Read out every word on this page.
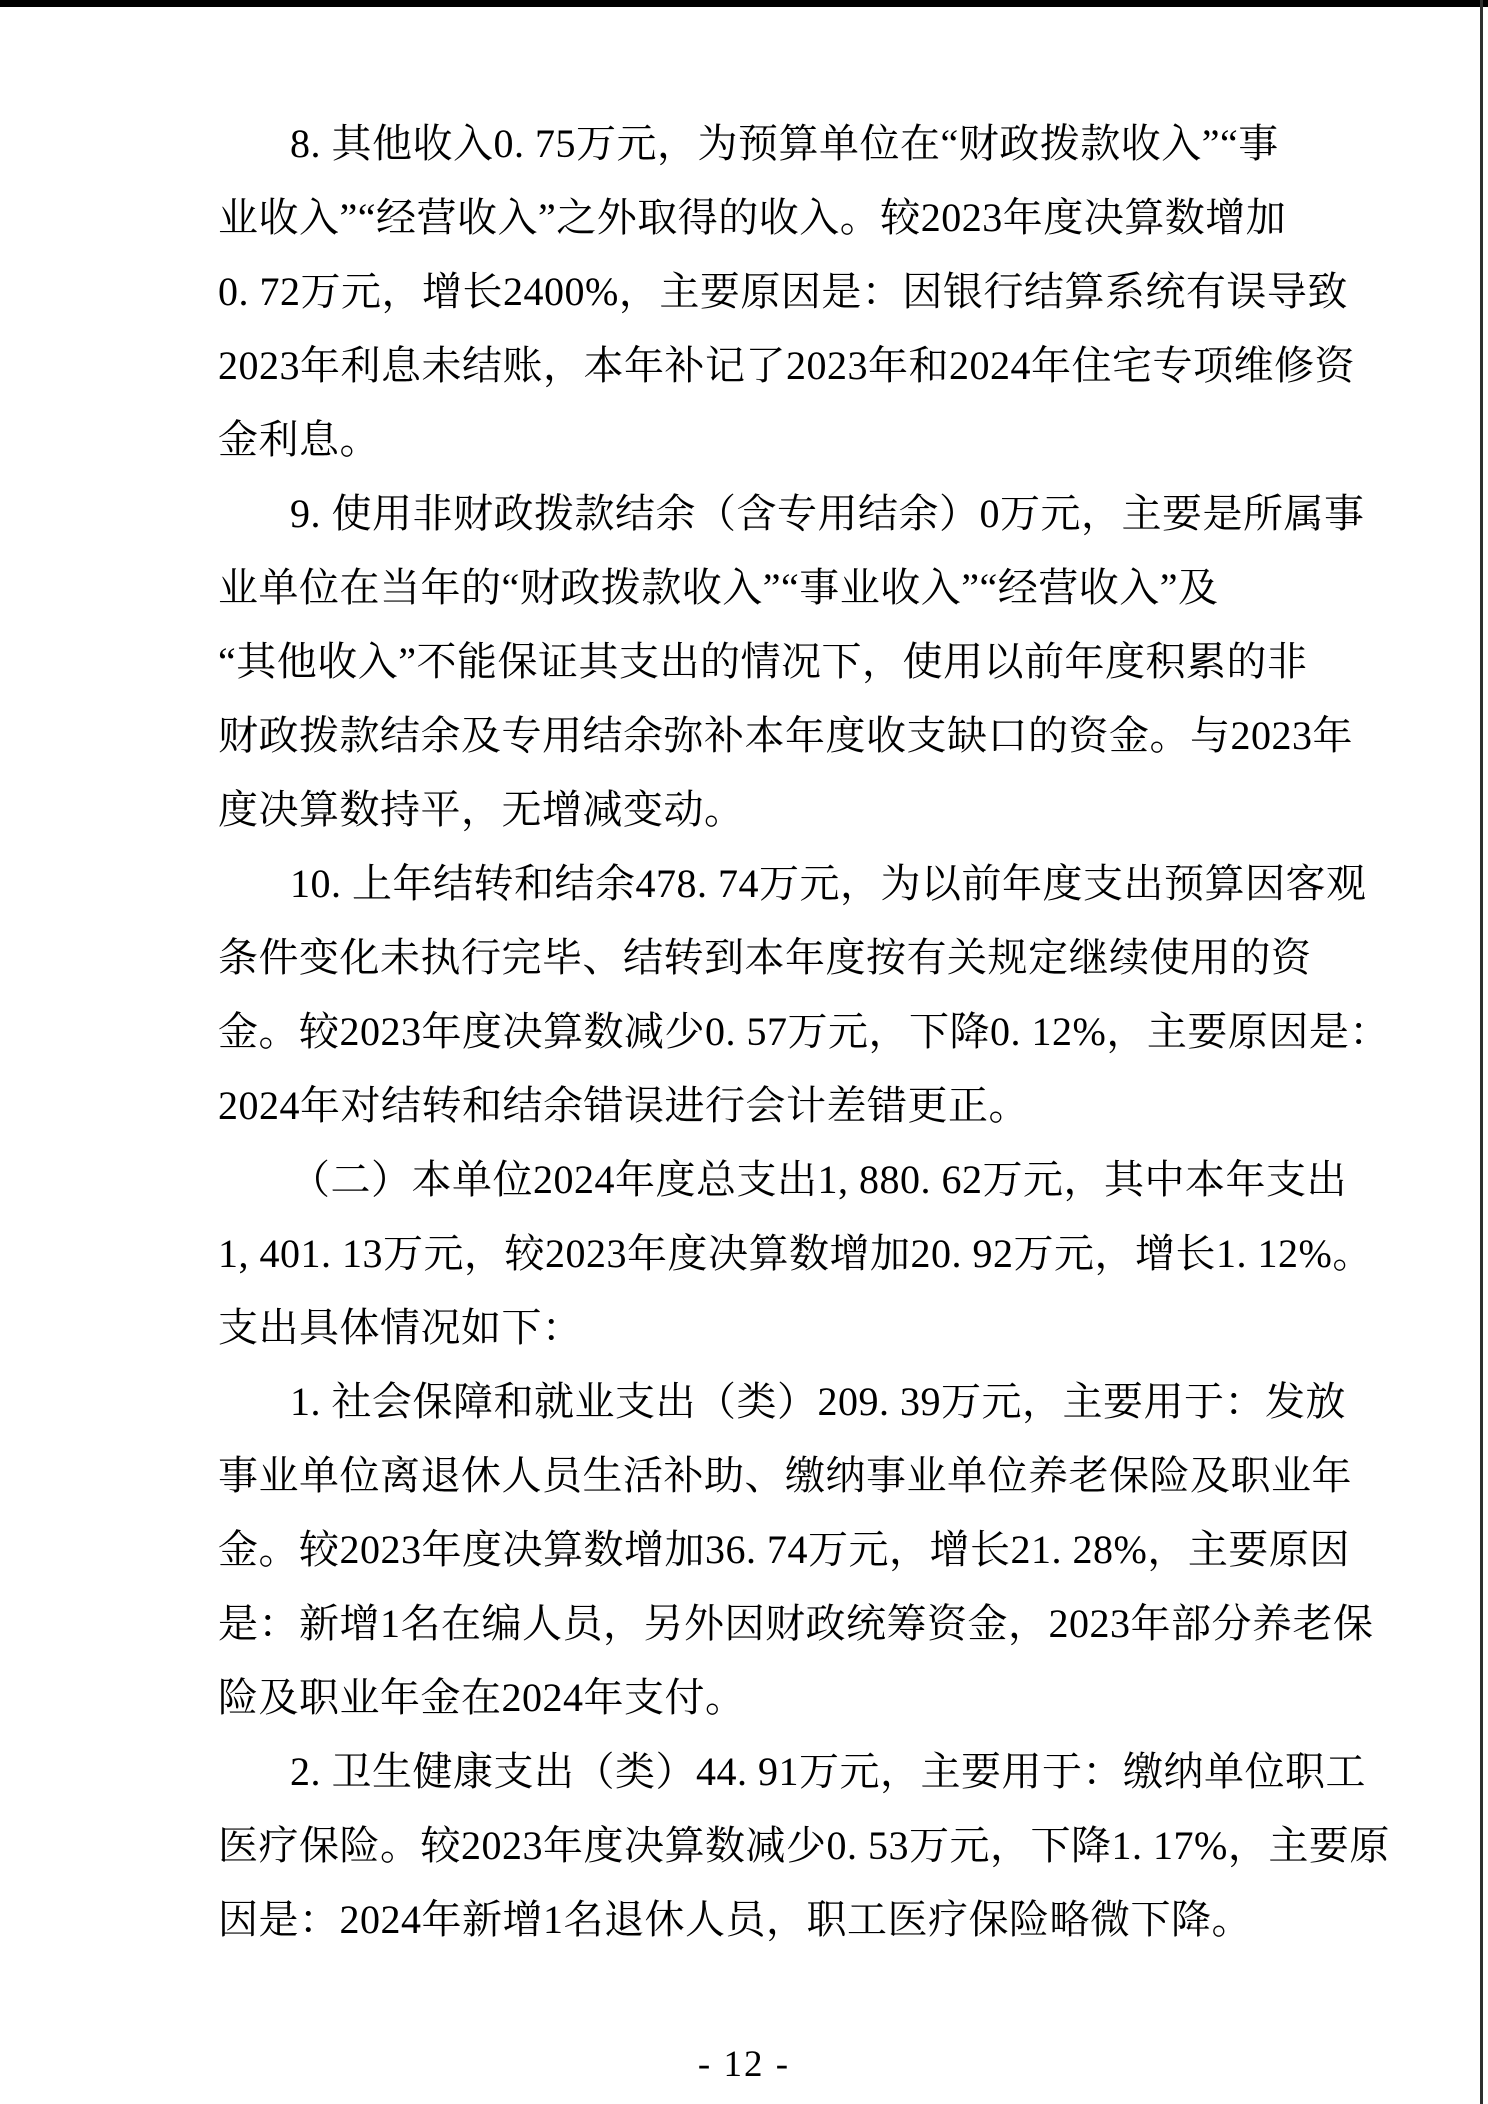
8. 其他收入0. 75万元，为预算单位在“财政拨款收入”“事
业收入”“经营收入”之外取得的收入。较2023年度决算数增加
0. 72万元，增长2400%，主要原因是：因银行结算系统有误导致
2023年利息未结账，本年补记了2023年和2024年住宅专项维修资
金利息。
9. 使用非财政拨款结余（含专用结余）0万元，主要是所属事
业单位在当年的“财政拨款收入”“事业收入”“经营收入”及
“其他收入”不能保证其支出的情况下，使用以前年度积累的非
财政拨款结余及专用结余弥补本年度收支缺口的资金。与2023年
度决算数持平，无增减变动。
10. 上年结转和结余478. 74万元，为以前年度支出预算因客观
条件变化未执行完毕、结转到本年度按有关规定继续使用的资
金。较2023年度决算数减少0. 57万元，下降0. 12%，主要原因是：
2024年对结转和结余错误进行会计差错更正。
（二）本单位2024年度总支出1, 880. 62万元，其中本年支出
1, 401. 13万元，较2023年度决算数增加20. 92万元，增长1. 12%。
支出具体情况如下：
1. 社会保障和就业支出（类）209. 39万元，主要用于：发放
事业单位离退休人员生活补助、缴纳事业单位养老保险及职业年
金。较2023年度决算数增加36. 74万元，增长21. 28%，主要原因
是：新增1名在编人员，另外因财政统筹资金，2023年部分养老保
险及职业年金在2024年支付。
2. 卫生健康支出（类）44. 91万元，主要用于：缴纳单位职工
医疗保险。较2023年度决算数减少0. 53万元，下降1. 17%，主要原
因是：2024年新增1名退休人员，职工医疗保险略微下降。
- 12 -
